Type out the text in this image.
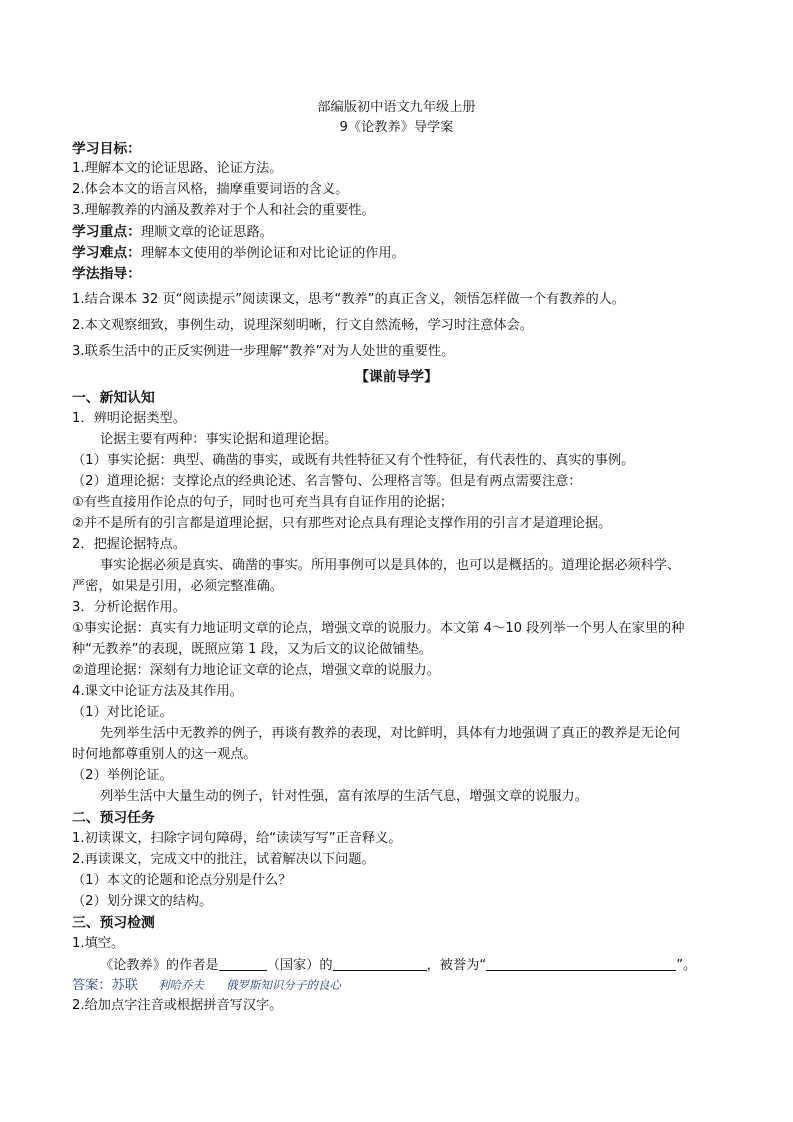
部编版初中语文九年级上册
9《论教养》导学案
学习目标：
1.理解本文的论证思路、论证方法。
2.体会本文的语言风格，揣摩重要词语的含义。
3.理解教养的内涵及教养对于个人和社会的重要性。
学习重点：理顺文章的论证思路。
学习难点：理解本文使用的举例论证和对比论证的作用。
学法指导：
1.结合课本 32 页“阅读提示”阅读课文，思考“教养”的真正含义，领悟怎样做一个有教养的人。
2.本文观察细致，事例生动，说理深刻明晰，行文自然流畅，学习时注意体会。
3.联系生活中的正反实例进一步理解“教养”对为人处世的重要性。
【课前导学】
一、新知认知
1．辨明论据类型。
论据主要有两种：事实论据和道理论据。
（1）事实论据：典型、确凿的事实，或既有共性特征又有个性特征，有代表性的、真实的事例。
（2）道理论据：支撑论点的经典论述、名言警句、公理格言等。但是有两点需要注意：
①有些直接用作论点的句子，同时也可充当具有自证作用的论据；
②并不是所有的引言都是道理论据，只有那些对论点具有理论支撑作用的引言才是道理论据。
2．把握论据特点。
事实论据必须是真实、确凿的事实。所用事例可以是具体的，也可以是概括的。道理论据必须科学、
严密，如果是引用，必须完整准确。
3．分析论据作用。
①事实论据：真实有力地证明文章的论点，增强文章的说服力。本文第 4～10 段列举一个男人在家里的种
种“无教养”的表现，既照应第 1 段，又为后文的议论做铺垫。
②道理论据：深刻有力地论证文章的论点，增强文章的说服力。
4.课文中论证方法及其作用。
（1）对比论证。
先列举生活中无教养的例子，再谈有教养的表现，对比鲜明，具体有力地强调了真正的教养是无论何
时何地都尊重别人的这一观点。
（2）举例论证。
列举生活中大量生动的例子，针对性强，富有浓厚的生活气息，增强文章的说服力。
二、预习任务
1.初读课文，扫除字词句障碍，给“读读写写”正音释义。
2.再读课文，完成文中的批注，试着解决以下问题。
（1）本文的论题和论点分别是什么？
（2）划分课文的结构。
三、预习检测
1.填空。
《论教养》的作者是	（国家）的	，被誉为“	”。
答案：苏联 利哈乔夫 俄罗斯知识分子的良心
2.给加点字注音或根据拼音写汉字。
